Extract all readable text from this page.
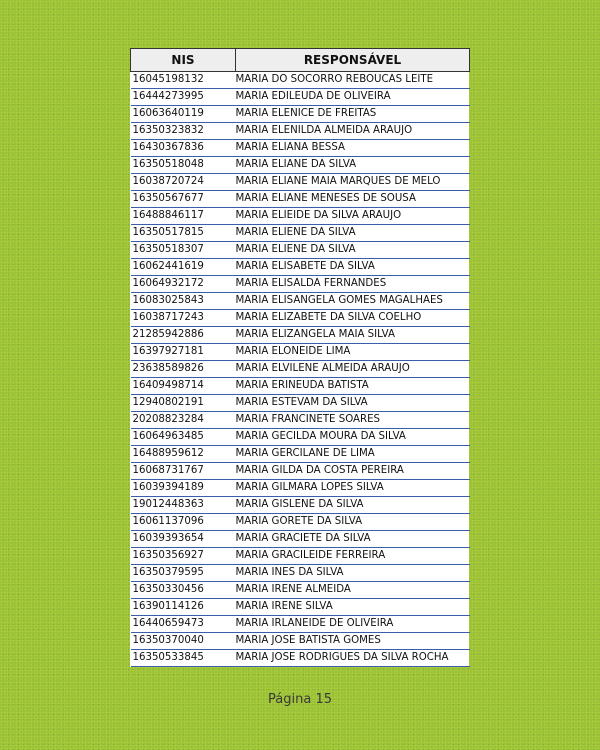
NIS	RESPONSÁVEL
16045198132	MARIA DO SOCORRO REBOUCAS LEITE
16444273995	MARIA EDILEUDA DE OLIVEIRA
16063640119	MARIA ELENICE DE FREITAS
16350323832	MARIA ELENILDA ALMEIDA ARAUJO
16430367836	MARIA ELIANA BESSA
16350518048	MARIA ELIANE DA SILVA
16038720724	MARIA ELIANE MAIA MARQUES DE MELO
16350567677	MARIA ELIANE MENESES DE SOUSA
16488846117	MARIA ELIEIDE DA SILVA ARAUJO
16350517815	MARIA ELIENE DA SILVA
16350518307	MARIA ELIENE DA SILVA
16062441619	MARIA ELISABETE DA SILVA
16064932172	MARIA ELISALDA FERNANDES
16083025843	MARIA ELISANGELA GOMES MAGALHAES
16038717243	MARIA ELIZABETE DA SILVA COELHO
21285942886	MARIA ELIZANGELA MAIA SILVA
16397927181	MARIA ELONEIDE LIMA
23638589826	MARIA ELVILENE ALMEIDA ARAUJO
16409498714	MARIA ERINEUDA BATISTA
12940802191	MARIA ESTEVAM DA SILVA
20208823284	MARIA FRANCINETE SOARES
16064963485	MARIA GECILDA MOURA DA SILVA
16488959612	MARIA GERCILANE DE LIMA
16068731767	MARIA GILDA DA COSTA PEREIRA
16039394189	MARIA GILMARA LOPES SILVA
19012448363	MARIA GISLENE DA SILVA
16061137096	MARIA GORETE DA SILVA
16039393654	MARIA GRACIETE DA SILVA
16350356927	MARIA GRACILEIDE FERREIRA
16350379595	MARIA INES DA SILVA
16350330456	MARIA IRENE ALMEIDA
16390114126	MARIA IRENE SILVA
16440659473	MARIA IRLANEIDE DE OLIVEIRA
16350370040	MARIA JOSE BATISTA GOMES
16350533845	MARIA JOSE RODRIGUES DA SILVA ROCHA
Página 15
